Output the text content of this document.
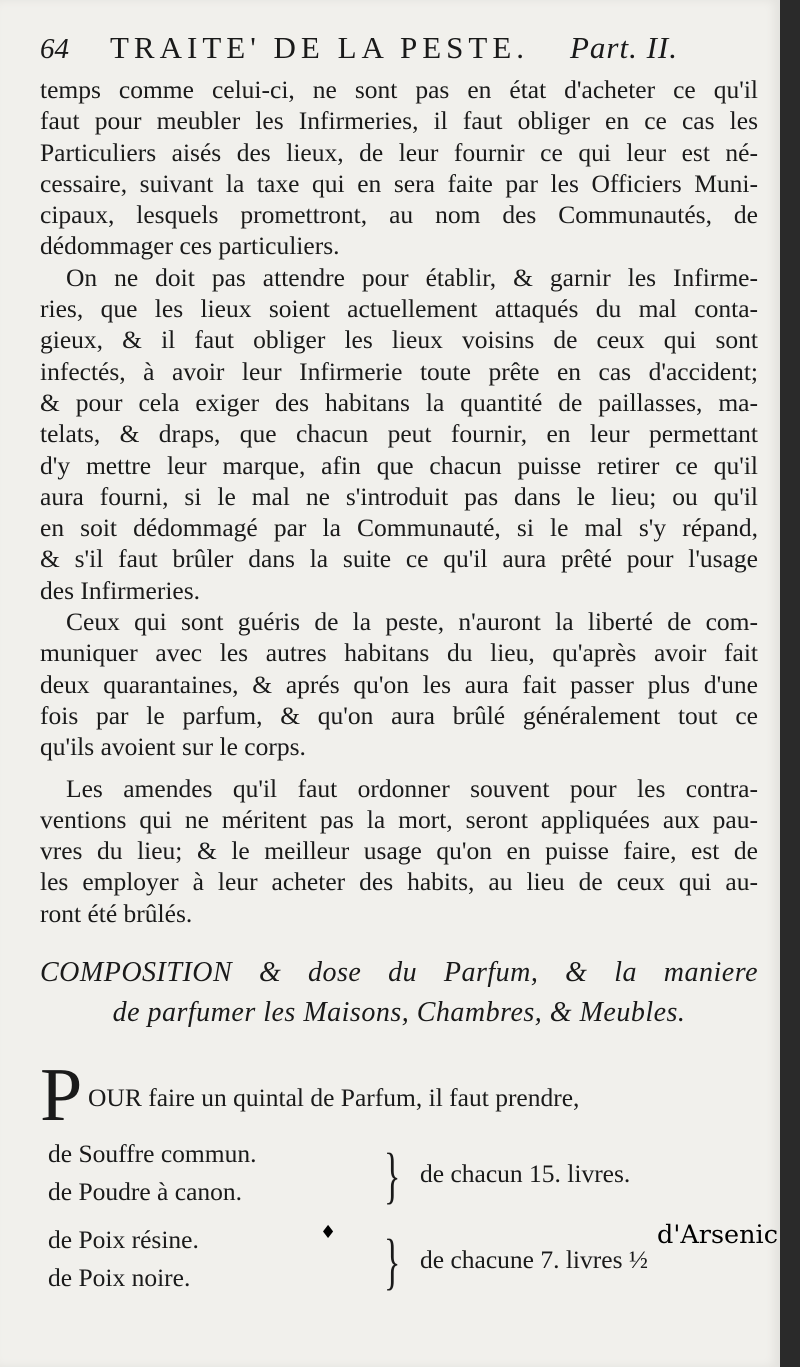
64	TRAITE' DE LA PESTE.	Part. II.
temps comme celui-ci, ne sont pas en état d'acheter ce qu'il
faut pour meubler les Infirmeries, il faut obliger en ce cas les
Particuliers aisés des lieux, de leur fournir ce qui leur est né-
cessaire, suivant la taxe qui en sera faite par les Officiers Muni-
cipaux, lesquels promettront, au nom des Communautés, de
dédommager ces particuliers.
On ne doit pas attendre pour établir, & garnir les Infirme-
ries, que les lieux soient actuellement attaqués du mal conta-
gieux, & il faut obliger les lieux voisins de ceux qui sont
infectés, à avoir leur Infirmerie toute prête en cas d'accident;
& pour cela exiger des habitans la quantité de paillasses, ma-
telats, & draps, que chacun peut fournir, en leur permettant
d'y mettre leur marque, afin que chacun puisse retirer ce qu'il
aura fourni, si le mal ne s'introduit pas dans le lieu; ou qu'il
en soit dédommagé par la Communauté, si le mal s'y répand,
& s'il faut brûler dans la suite ce qu'il aura prêté pour l'usage
des Infirmeries.
Ceux qui sont guéris de la peste, n'auront la liberté de com-
muniquer avec les autres habitans du lieu, qu'après avoir fait
deux quarantaines, & aprés qu'on les aura fait passer plus d'une
fois par le parfum, & qu'on aura brûlé généralement tout ce
qu'ils avoient sur le corps.
Les amendes qu'il faut ordonner souvent pour les contra-
ventions qui ne méritent pas la mort, seront appliquées aux pau-
vres du lieu; & le meilleur usage qu'on en puisse faire, est de
les employer à leur acheter des habits, au lieu de ceux qui au-
ront été brûlés.
COMPOSITION & dose du Parfum, & la maniere
de parfumer les Maisons, Chambres, & Meubles.
P OUR faire un quintal de Parfum, il faut prendre,
de Souffre commun.
de Poudre à canon. } de chacun 15. livres.
de Poix résine.
de Poix noire.	} de chacune 7. livres ½
♦	d'Arsenic
